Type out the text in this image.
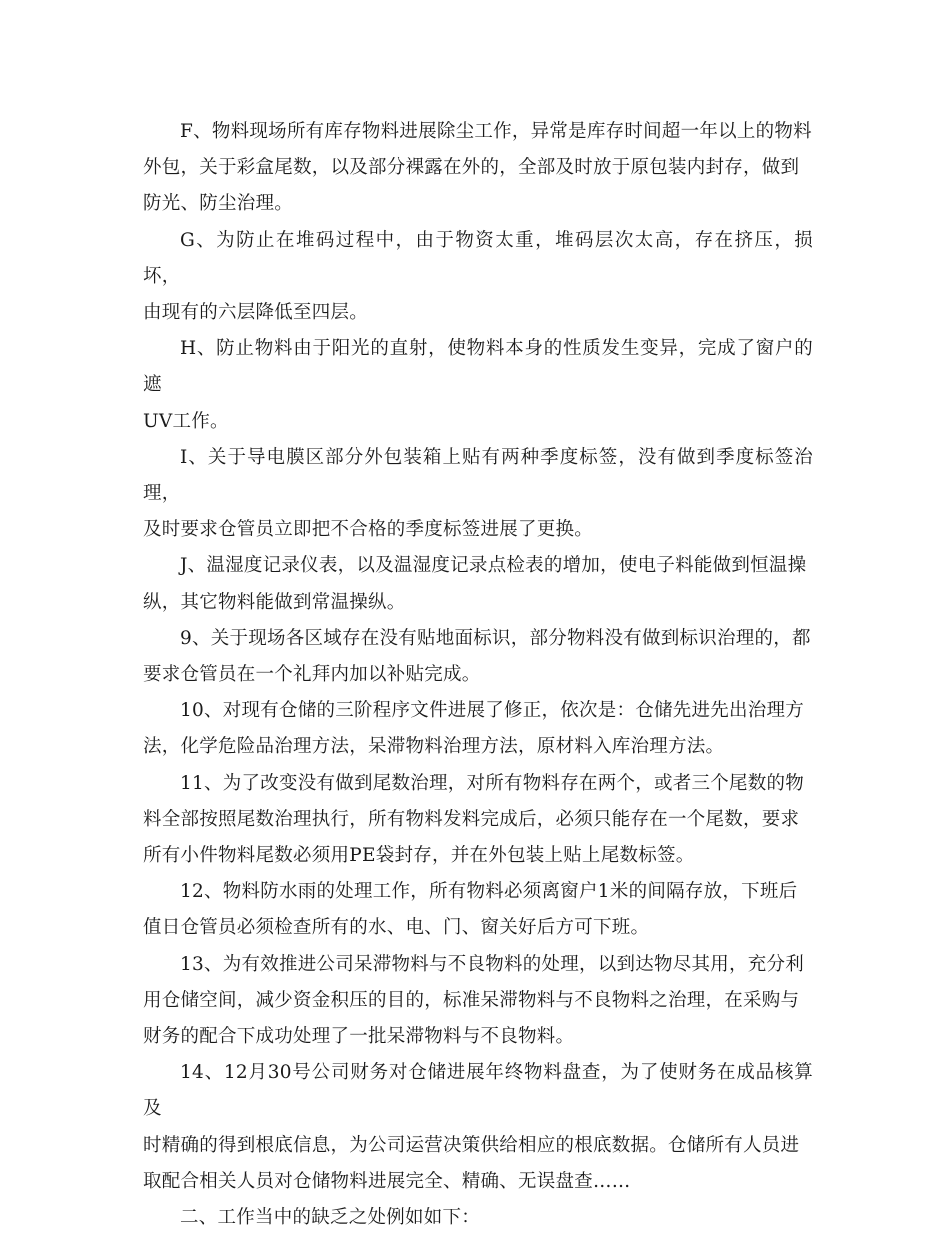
F、物料现场所有库存物料进展除尘工作，异常是库存时间超一年以上的物料
外包，关于彩盒尾数，以及部分裸露在外的，全部及时放于原包装内封存，做到
防光、防尘治理。

G、为防止在堆码过程中，由于物资太重，堆码层次太高，存在挤压，损坏，
由现有的六层降低至四层。

H、防止物料由于阳光的直射，使物料本身的性质发生变异，完成了窗户的遮
UV工作。

I、关于导电膜区部分外包装箱上贴有两种季度标签，没有做到季度标签治理，
及时要求仓管员立即把不合格的季度标签进展了更换。

J、温湿度记录仪表，以及温湿度记录点检表的增加，使电子料能做到恒温操
纵，其它物料能做到常温操纵。

9、关于现场各区域存在没有贴地面标识，部分物料没有做到标识治理的，都
要求仓管员在一个礼拜内加以补贴完成。

10、对现有仓储的三阶程序文件进展了修正，依次是：仓储先进先出治理方
法，化学危险品治理方法，呆滞物料治理方法，原材料入库治理方法。

11、为了改变没有做到尾数治理，对所有物料存在两个，或者三个尾数的物
料全部按照尾数治理执行，所有物料发料完成后，必须只能存在一个尾数，要求
所有小件物料尾数必须用PE袋封存，并在外包装上贴上尾数标签。

12、物料防水雨的处理工作，所有物料必须离窗户1米的间隔存放，下班后
值日仓管员必须检查所有的水、电、门、窗关好后方可下班。

13、为有效推进公司呆滞物料与不良物料的处理，以到达物尽其用，充分利
用仓储空间，减少资金积压的目的，标准呆滞物料与不良物料之治理，在采购与
财务的配合下成功处理了一批呆滞物料与不良物料。

14、12月30号公司财务对仓储进展年终物料盘查，为了使财务在成品核算及
时精确的得到根底信息，为公司运营决策供给相应的根底数据。仓储所有人员进
取配合相关人员对仓储物料进展完全、精确、无误盘查……

二、工作当中的缺乏之处例如如下：
